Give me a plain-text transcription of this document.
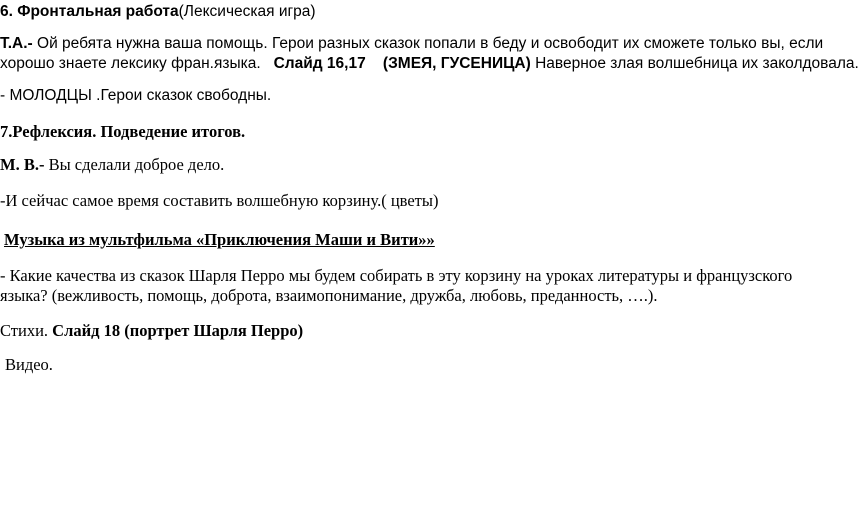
6. Фронтальная работа(Лексическая игра)
Т.А.- Ой ребята нужна ваша помощь. Герои разных сказок попали в беду и освободит их сможете только вы, если
хорошо знаете лексику фран.языка.   Слайд 16,17 (ЗМЕЯ, ГУСЕНИЦА) Наверное злая волшебница их заколдовала.
- МОЛОДЦЫ .Герои сказок свободны.
7.Рефлексия. Подведение итогов.
М. В.- Вы сделали доброе дело.
-И сейчас самое время составить волшебную корзину.( цветы)
Музыка из мультфильма «Приключения Маши и Вити»»
- Какие качества из сказок Шарля Перро мы будем собирать в эту корзину на уроках литературы и французского
языка? (вежливость, помощь, доброта, взаимопонимание, дружба, любовь, преданность, ….).
Стихи. Слайд 18 (портрет Шарля Перро)
Видео.
